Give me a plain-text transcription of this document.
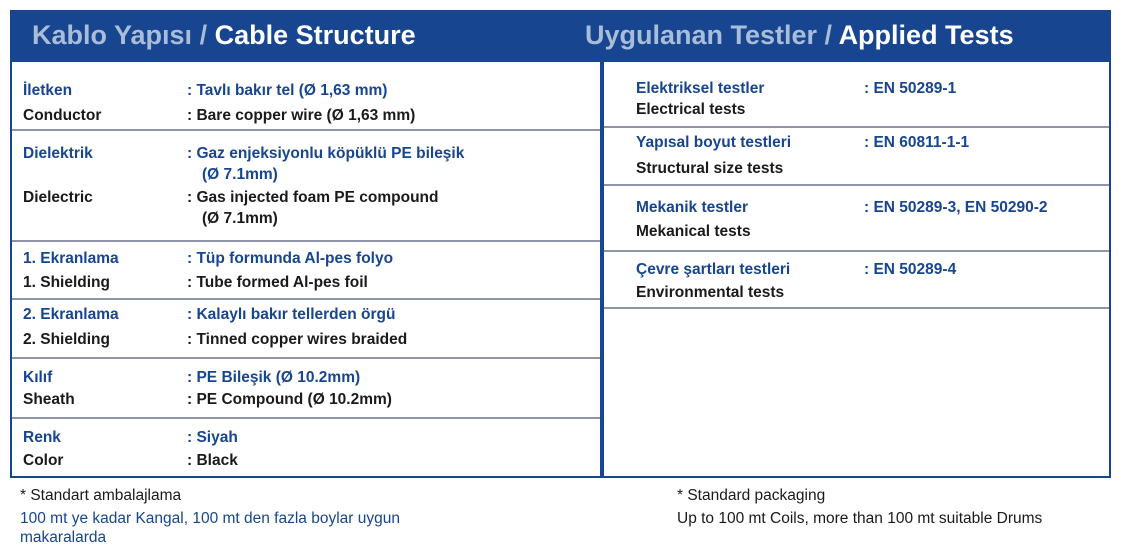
Kablo Yapısı / Cable Structure	Uygulanan Testler / Applied Tests
İletken	: Tavlı bakır tel (Ø 1,63 mm)
Conductor	: Bare copper wire (Ø 1,63 mm)
Dielektrik	: Gaz enjeksiyonlu köpüklü PE bileşik
(Ø 7.1mm)
Dielectric	: Gas injected foam PE compound
(Ø 7.1mm)
1. Ekranlama	: Tüp formunda Al-pes folyo
1. Shielding	: Tube formed Al-pes foil
2. Ekranlama	: Kalaylı bakır tellerden örgü
2. Shielding	: Tinned copper wires braided
Kılıf	: PE Bileşik (Ø 10.2mm)
Sheath	: PE Compound (Ø 10.2mm)
Renk	: Siyah
Color	: Black
Elektriksel testler	: EN 50289-1
Electrical tests
Yapısal boyut testleri	: EN 60811-1-1
Structural size tests
Mekanik testler	: EN 50289-3, EN 50290-2
Mekanical tests
Çevre şartları testleri	: EN 50289-4
Environmental tests
* Standart ambalajlama
100 mt ye kadar Kangal, 100 mt den fazla boylar uygun
makaralarda
* Standard packaging
Up to 100 mt Coils, more than 100 mt suitable Drums
